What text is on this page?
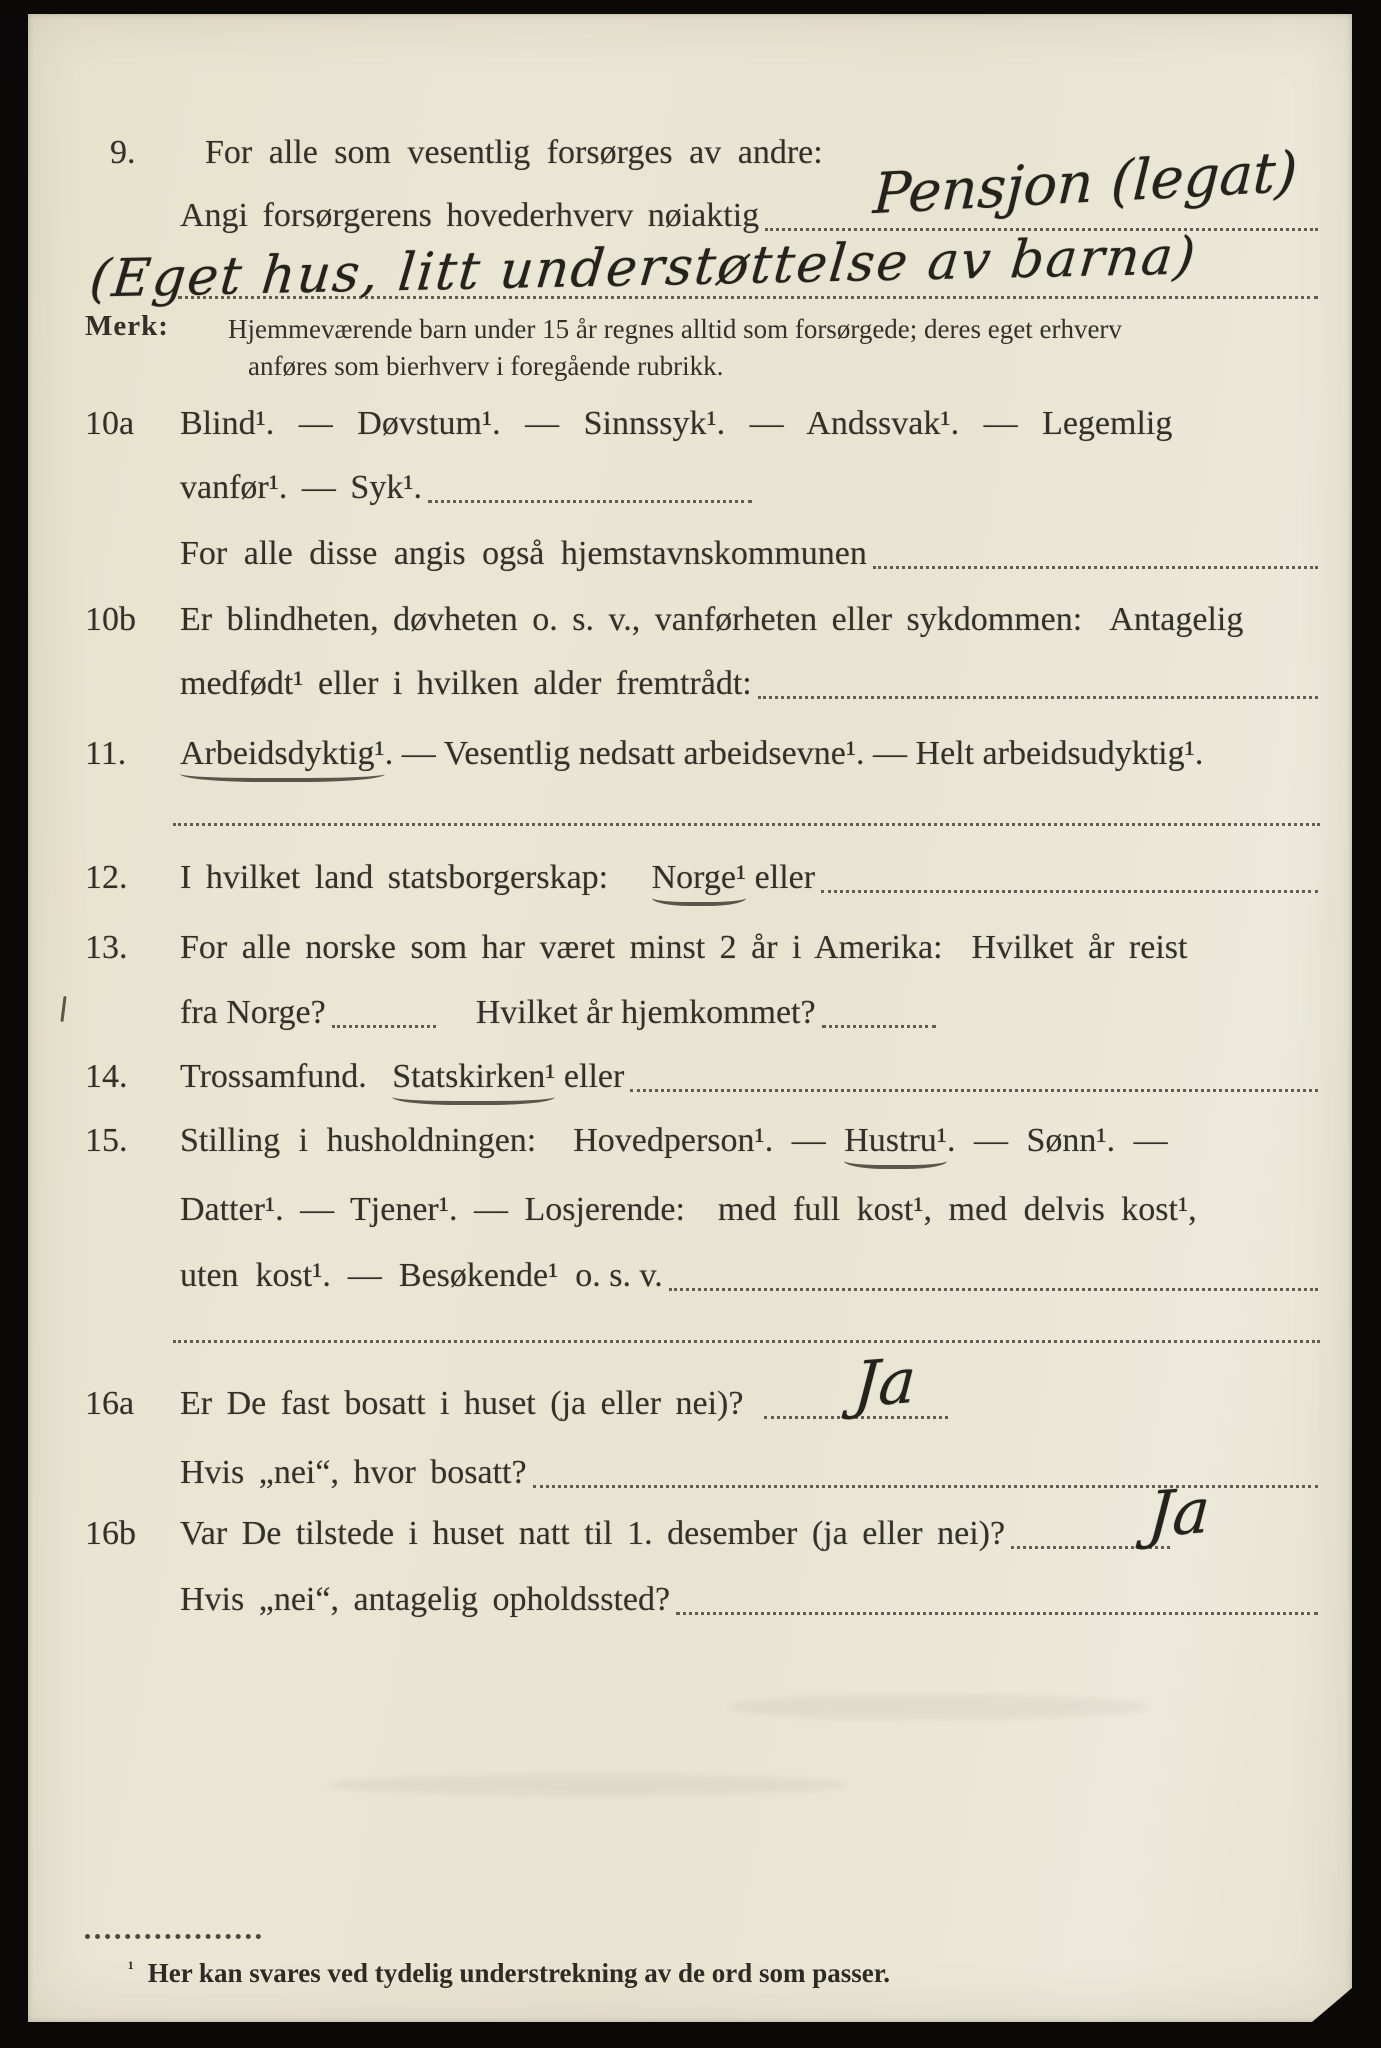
9.	For alle som vesentlig forsørges av andre:
Angi forsørgerens hovederhverv nøiaktig Pensjon (legat)
(Eget hus, litt understøttelse av barna)
Merk: Hjemmeværende barn under 15 år regnes alltid som forsørgede; deres eget erhverv
anføres som bierhverv i foregående rubrikk.
10a	Blind¹. — Døvstum¹. — Sinnssyk¹. — Andssvak¹. — Legemlig
vanfør¹. — Syk¹.
For alle disse angis også hjemstavnskommunen
10b	Er blindheten, døvheten o. s. v., vanførheten eller sykdommen:  Antagelig
medfødt¹ eller i hvilken alder fremtrådt:
11.	Arbeidsdyktig¹ . — Vesentlig nedsatt arbeidsevne¹. — Helt arbeidsudyktig¹.
12.	I hvilket land statsborgerskap: Norge¹ eller
13.	For alle norske som har været minst 2 år i Amerika:  Hvilket år reist
fra Norge?	Hvilket år hjemkommet?
14.	Trossamfund. Statskirken¹ eller
15.	Stilling i husholdningen:  Hovedperson¹. — Hustru¹ . — Sønn¹. —
Datter¹. — Tjener¹. — Losjerende:  med full kost¹, med delvis kost¹,
uten  kost¹.  —  Besøkende¹  o. s. v.
16a	Er De fast bosatt i huset (ja eller nei)?
Hvis „nei“, hvor bosatt?
Ja
16b	Var De tilstede i huset natt til 1. desember (ja eller nei)?
Hvis „nei“, antagelig opholdssted?
Ja
¹ Her kan svares ved tydelig understrekning av de ord som passer.
